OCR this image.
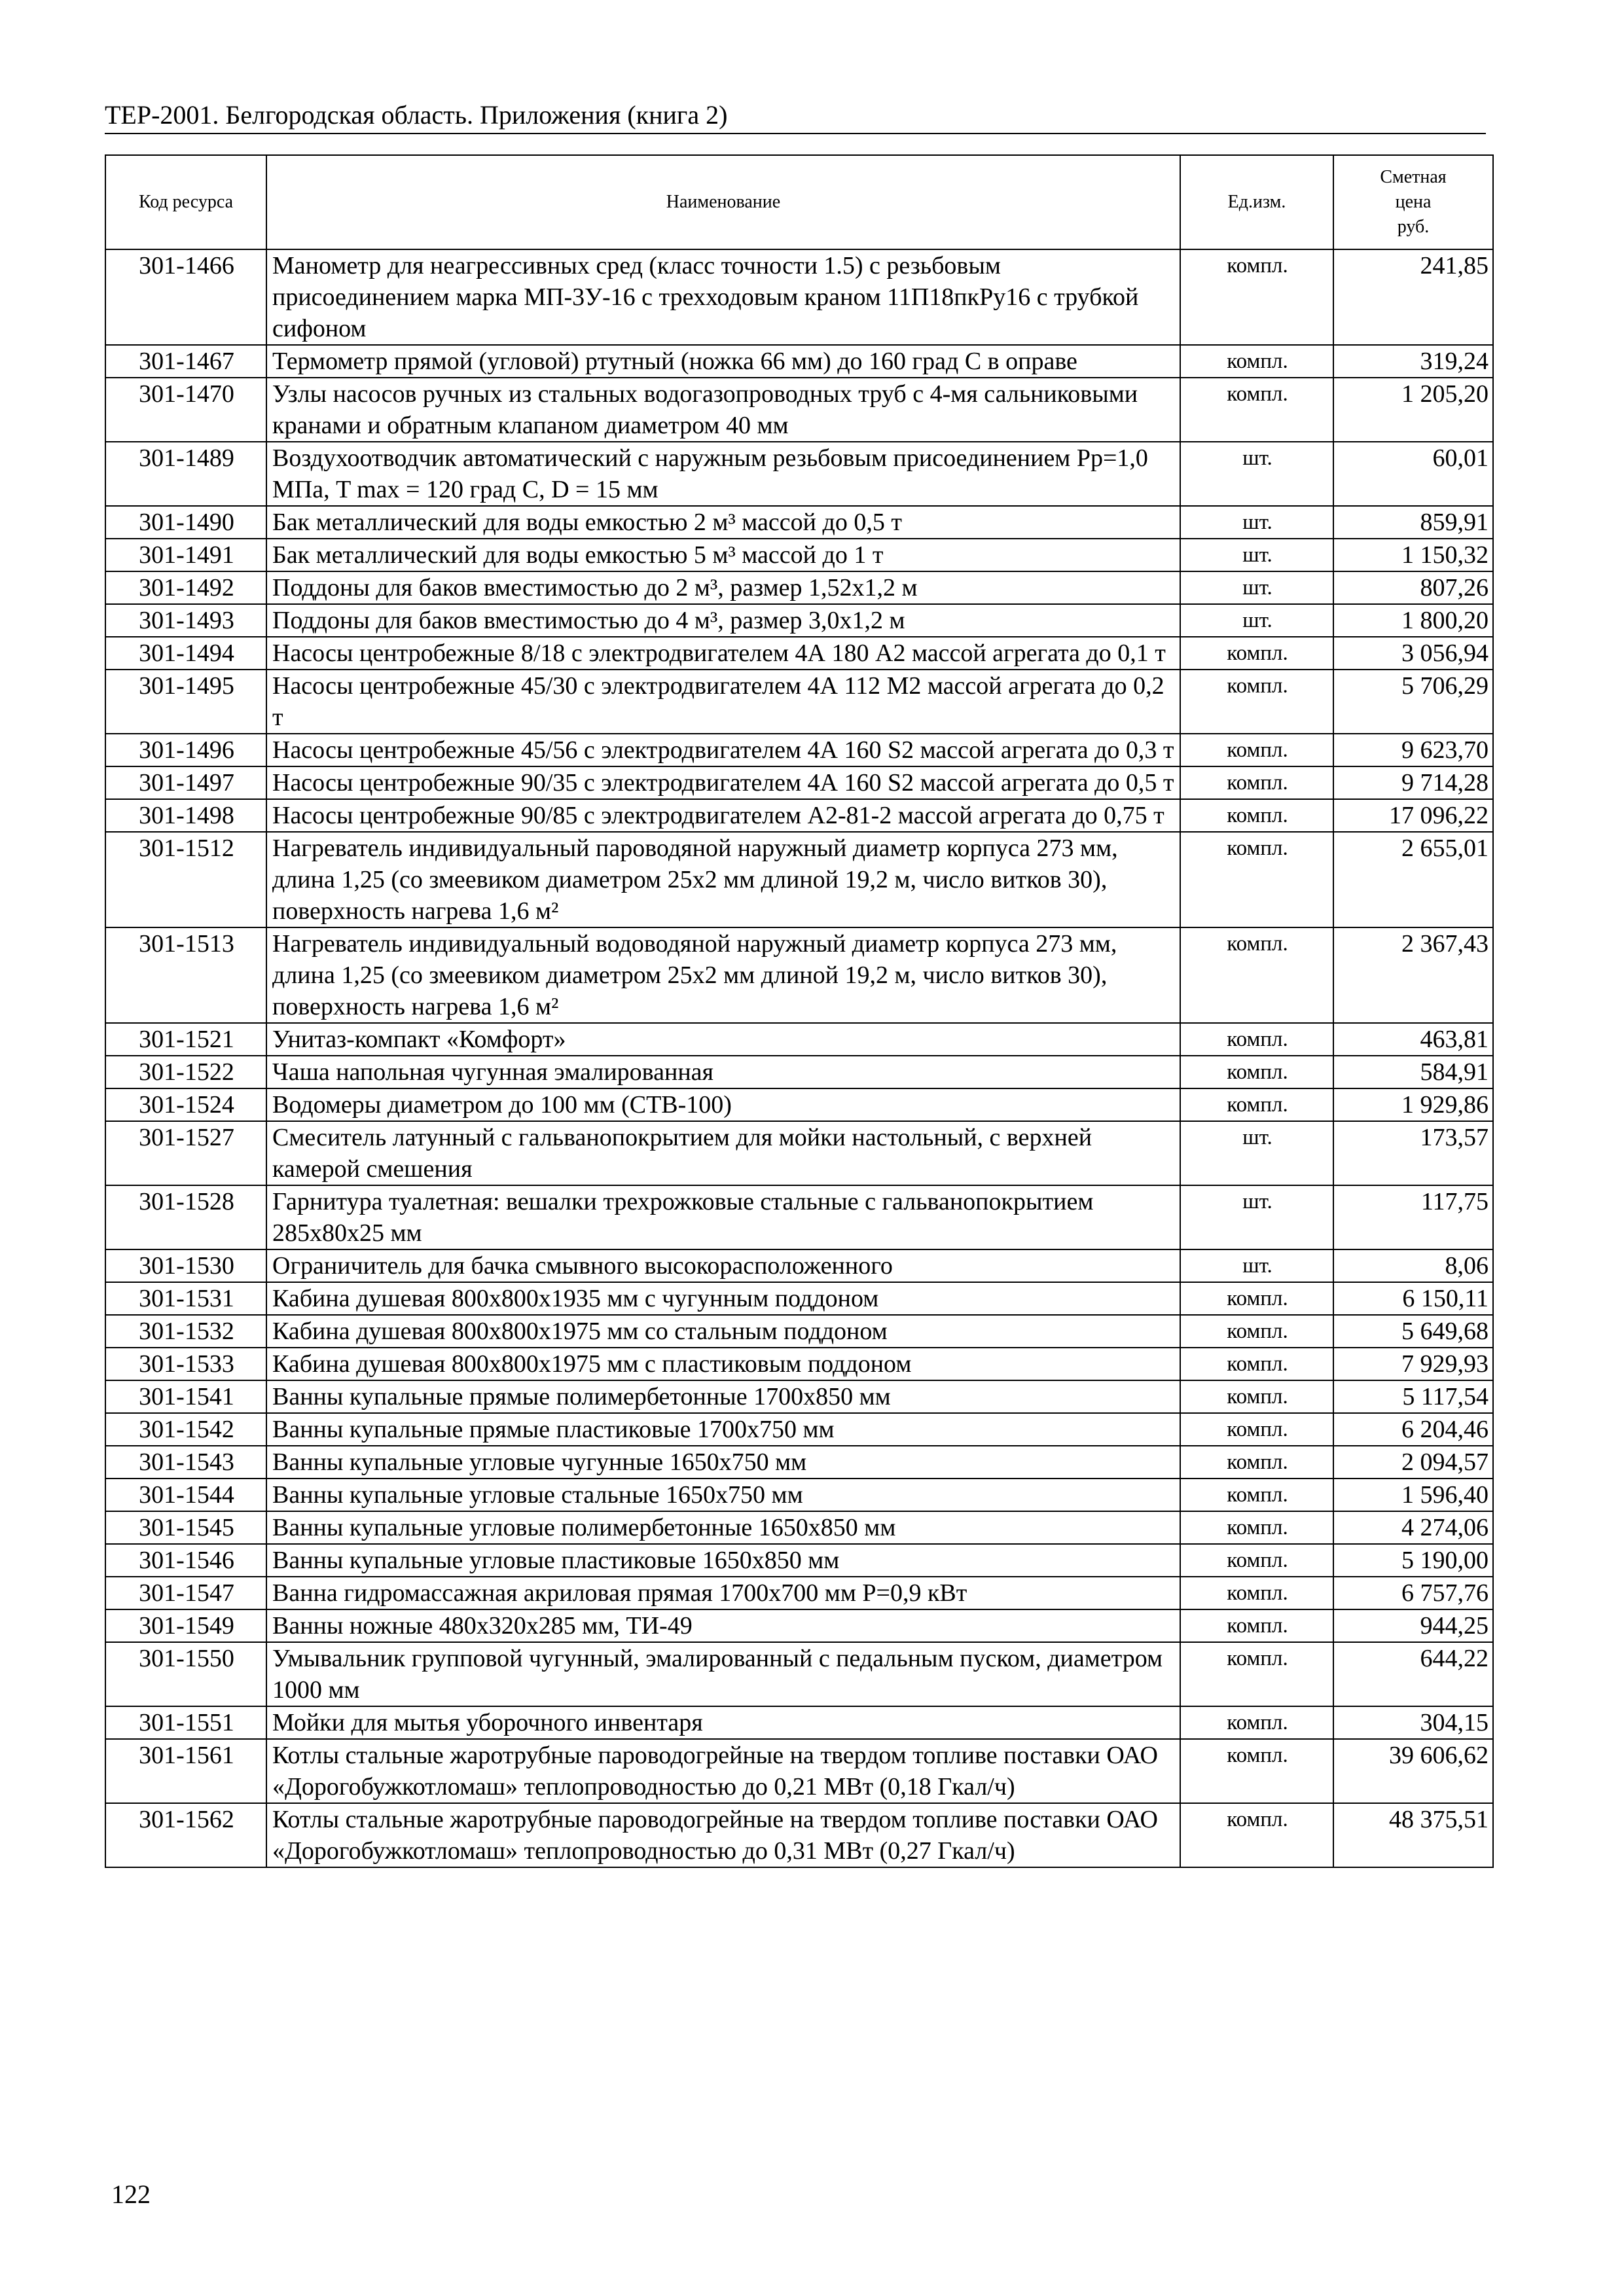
ТЕР-2001. Белгородская область. Приложения (книга 2)
Код ресурса	Наименование	Ед.изм.	Сметная
цена
руб.

301-1466	Манометр для неагрессивных сред (класс точности 1.5) с резьбовым присоединением марка МП-3У-16 с трехходовым краном 11П18пкРу16 с трубкой сифоном	компл.	241,85
301-1467	Термометр прямой (угловой) ртутный (ножка 66 мм) до 160 град С в оправе	компл.	319,24
301-1470	Узлы насосов ручных из стальных водогазопроводных труб с 4-мя сальниковыми кранами и обратным клапаном диаметром 40 мм	компл.	1 205,20
301-1489	Воздухоотводчик автоматический с наружным резьбовым присоединением Рр=1,0 МПа, T max = 120 град С, D = 15 мм	шт.	60,01
301-1490	Бак металлический для воды емкостью 2 м³ массой до 0,5 т	шт.	859,91
301-1491	Бак металлический для воды емкостью 5 м³ массой до 1 т	шт.	1 150,32
301-1492	Поддоны для баков вместимостью до 2 м³, размер 1,52х1,2 м	шт.	807,26
301-1493	Поддоны для баков вместимостью до 4 м³, размер 3,0х1,2 м	шт.	1 800,20
301-1494	Насосы центробежные 8/18 с электродвигателем 4А 180 А2 массой агрегата до 0,1 т	компл.	3 056,94
301-1495	Насосы центробежные 45/30 с электродвигателем 4А 112 М2 массой агрегата до 0,2 т	компл.	5 706,29
301-1496	Насосы центробежные 45/56 с электродвигателем 4А 160 S2 массой агрегата до 0,3 т	компл.	9 623,70
301-1497	Насосы центробежные 90/35 с электродвигателем 4А 160 S2 массой агрегата до 0,5 т	компл.	9 714,28
301-1498	Насосы центробежные 90/85 с электродвигателем А2-81-2 массой агрегата до 0,75 т	компл.	17 096,22
301-1512	Нагреватель индивидуальный пароводяной наружный диаметр корпуса 273 мм, длина 1,25 (со змеевиком диаметром 25х2 мм длиной 19,2 м, число витков 30), поверхность нагрева 1,6 м²	компл.	2 655,01
301-1513	Нагреватель индивидуальный водоводяной наружный диаметр корпуса 273 мм, длина 1,25 (со змеевиком диаметром 25х2 мм длиной 19,2 м, число витков 30), поверхность нагрева 1,6 м²	компл.	2 367,43
301-1521	Унитаз-компакт «Комфорт»	компл.	463,81
301-1522	Чаша напольная чугунная эмалированная	компл.	584,91
301-1524	Водомеры диаметром до 100 мм (СТВ-100)	компл.	1 929,86
301-1527	Смеситель латунный с гальванопокрытием для мойки настольный, с верхней камерой смешения	шт.	173,57
301-1528	Гарнитура туалетная: вешалки трехрожковые стальные с гальванопокрытием 285х80х25 мм	шт.	117,75
301-1530	Ограничитель для бачка смывного высокорасположенного	шт.	8,06
301-1531	Кабина душевая 800х800х1935 мм с чугунным поддоном	компл.	6 150,11
301-1532	Кабина душевая 800х800х1975 мм со стальным поддоном	компл.	5 649,68
301-1533	Кабина душевая 800х800х1975 мм с пластиковым поддоном	компл.	7 929,93
301-1541	Ванны купальные прямые полимербетонные 1700х850 мм	компл.	5 117,54
301-1542	Ванны купальные прямые пластиковые 1700х750 мм	компл.	6 204,46
301-1543	Ванны купальные угловые чугунные 1650х750 мм	компл.	2 094,57
301-1544	Ванны купальные угловые стальные 1650х750 мм	компл.	1 596,40
301-1545	Ванны купальные угловые полимербетонные 1650х850 мм	компл.	4 274,06
301-1546	Ванны купальные угловые пластиковые 1650х850 мм	компл.	5 190,00
301-1547	Ванна гидромассажная акриловая прямая 1700х700 мм Р=0,9 кВт	компл.	6 757,76
301-1549	Ванны ножные 480х320х285 мм, ТИ-49	компл.	944,25
301-1550	Умывальник групповой чугунный, эмалированный с педальным пуском, диаметром 1000 мм	компл.	644,22
301-1551	Мойки для мытья уборочного инвентаря	компл.	304,15
301-1561	Котлы стальные жаротрубные пароводогрейные на твердом топливе поставки ОАО «Дорогобужкотломаш» теплопроводностью до 0,21 МВт (0,18 Гкал/ч)	компл.	39 606,62
301-1562	Котлы стальные жаротрубные пароводогрейные на твердом топливе поставки ОАО «Дорогобужкотломаш» теплопроводностью до 0,31 МВт (0,27 Гкал/ч)	компл.	48 375,51
122
